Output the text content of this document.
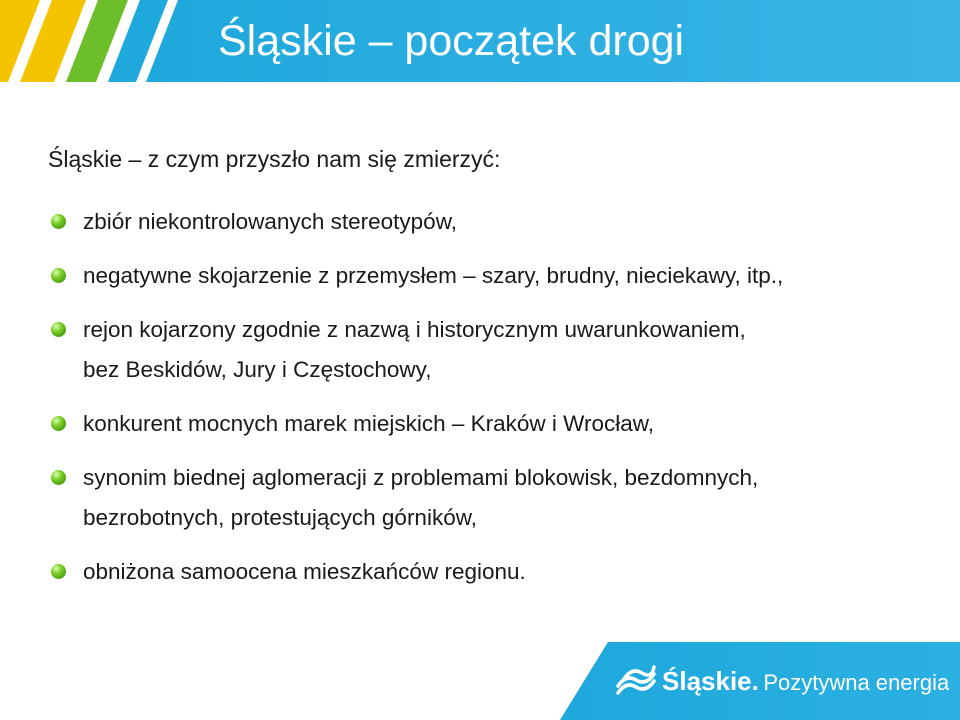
Śląskie – początek drogi
Śląskie – z czym przyszło nam się zmierzyć:
zbiór niekontrolowanych stereotypów,
negatywne skojarzenie z przemysłem – szary, brudny, nieciekawy, itp.,
rejon kojarzony zgodnie z nazwą i historycznym uwarunkowaniem,
bez Beskidów, Jury i Częstochowy,
konkurent mocnych marek miejskich – Kraków i Wrocław,
synonim biednej aglomeracji z problemami blokowisk, bezdomnych,
bezrobotnych, protestujących górników,
obniżona samoocena mieszkańców regionu.
Śląskie. Pozytywna energia
